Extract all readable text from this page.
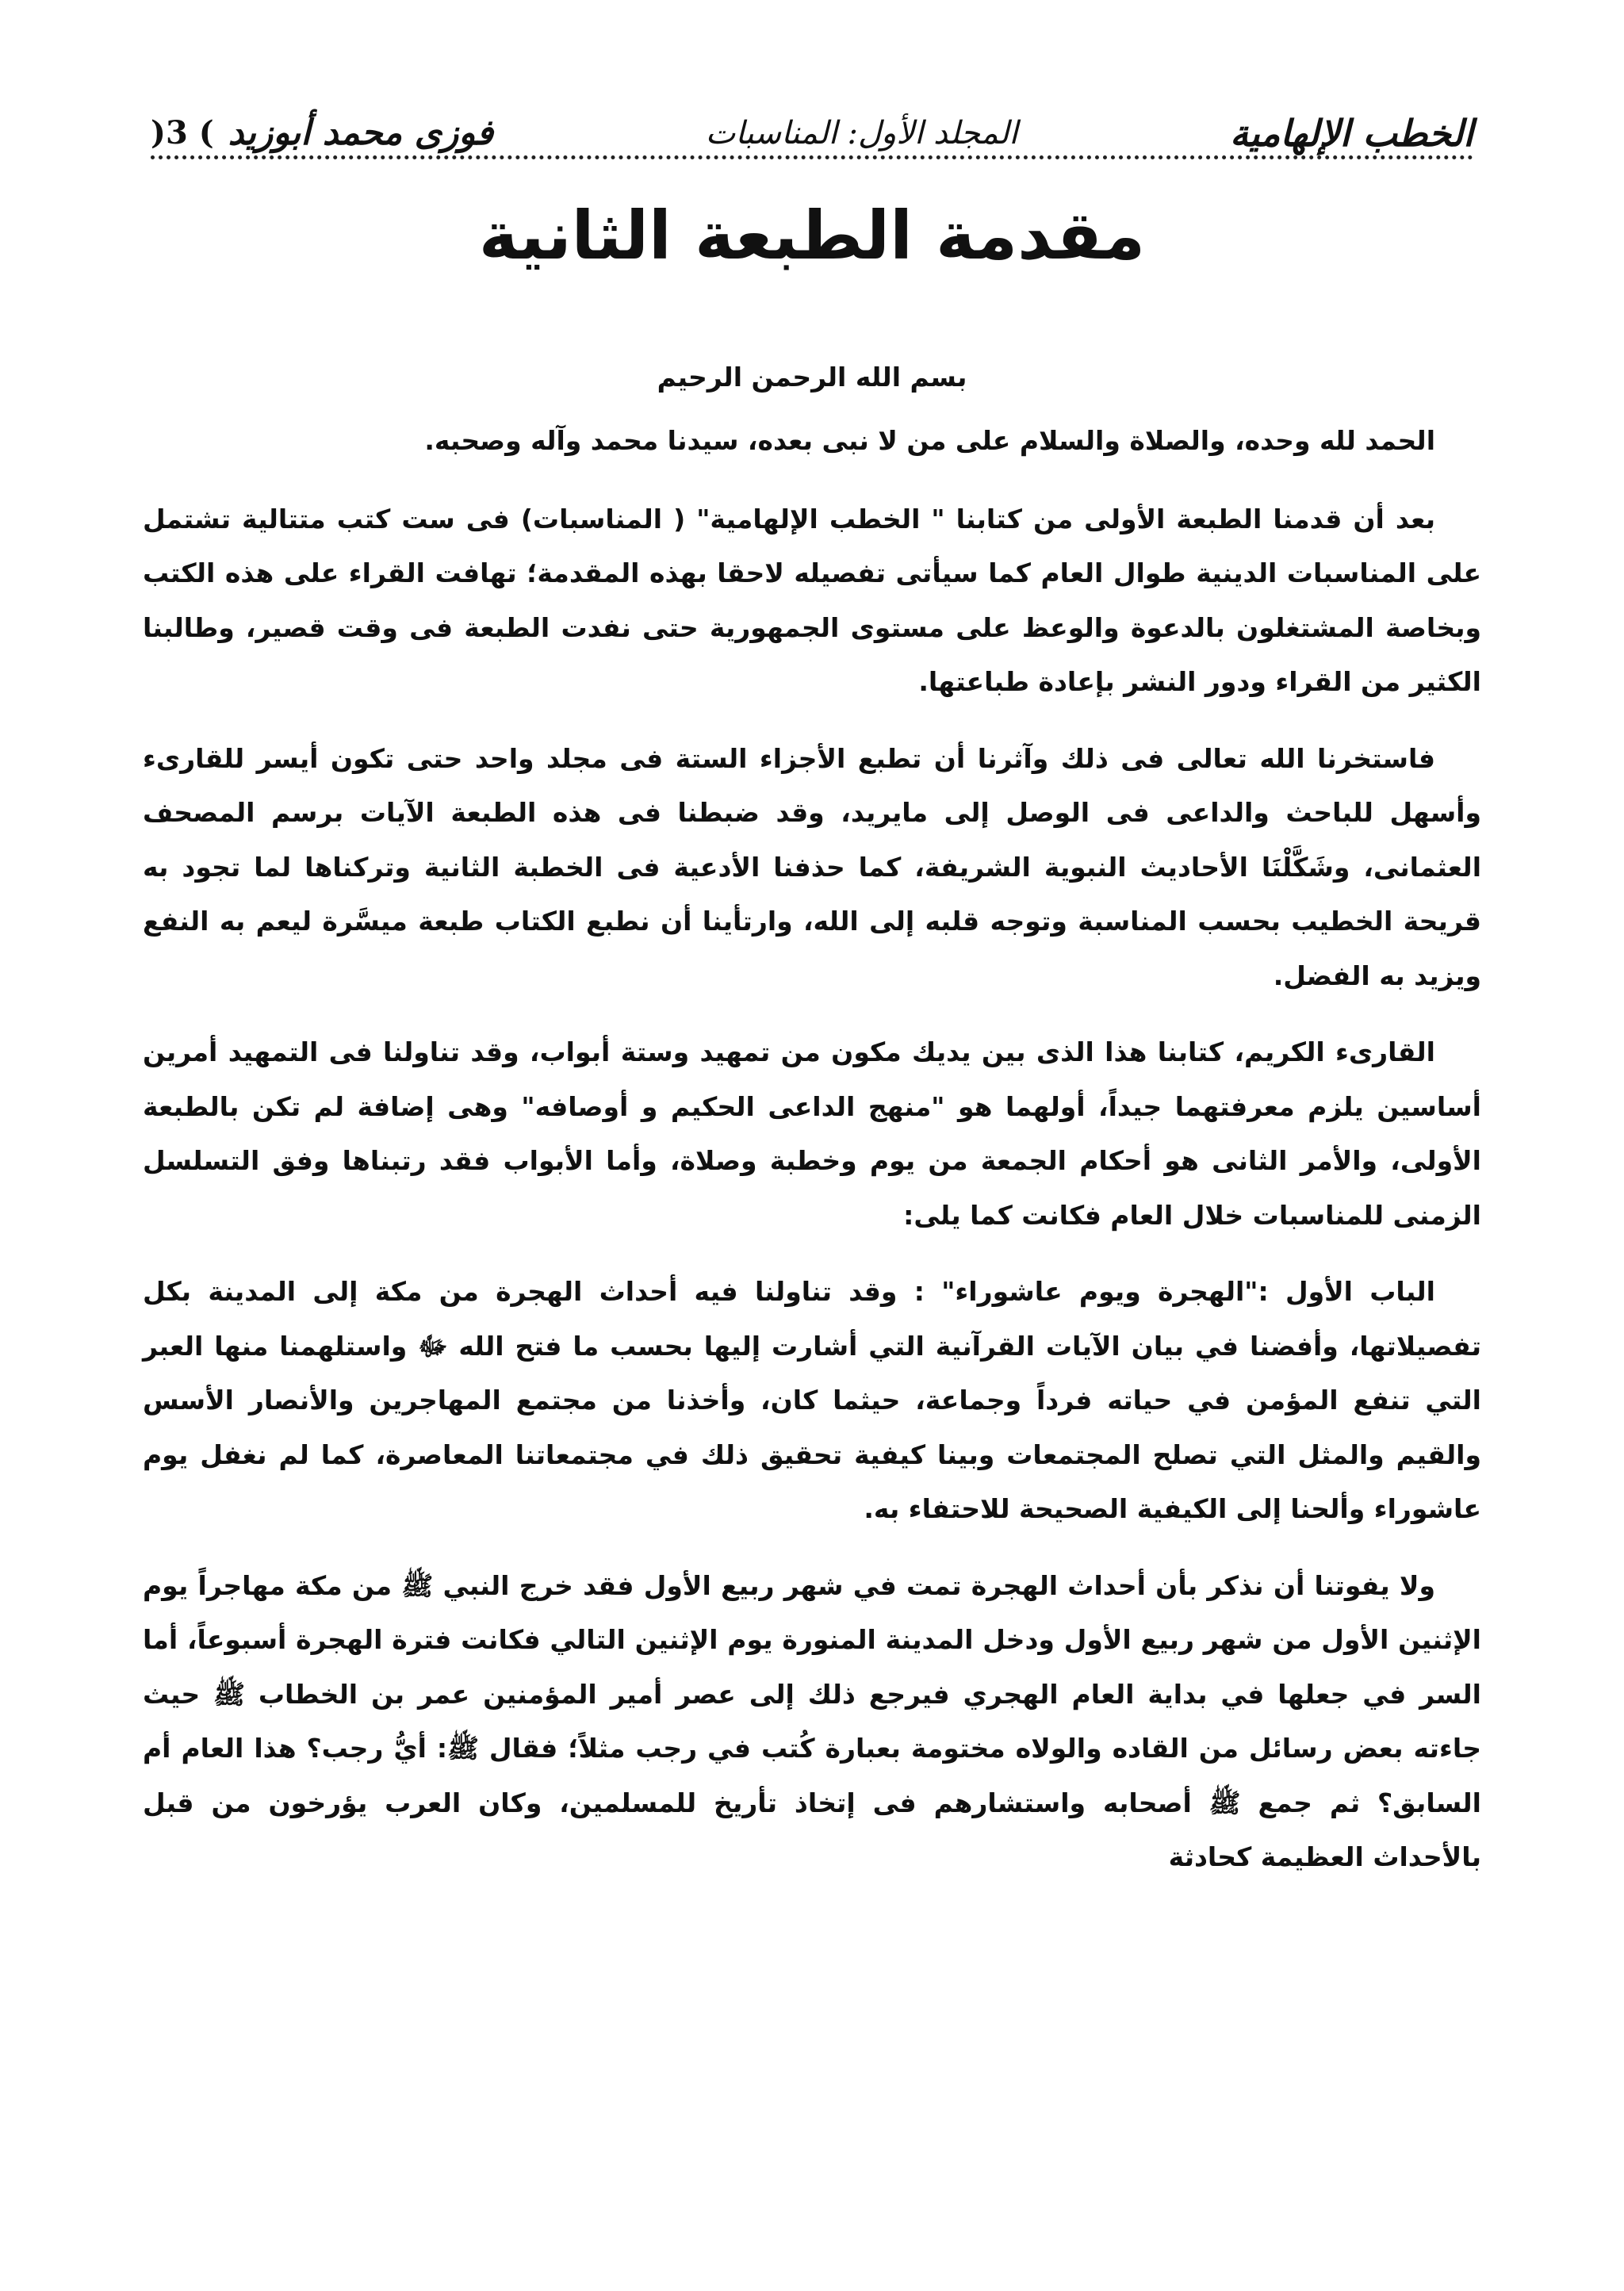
الخطب الإلهامية
المجلد الأول: المناسبات
فوزى محمد أبوزيد
) 3(
مقدمة الطبعة الثانية

بسم الله الرحمن الرحيم

الحمد لله وحده، والصلاة والسلام على من لا نبى بعده، سيدنا محمد وآله وصحبه.

بعد أن قدمنا الطبعة الأولى من كتابنا " الخطب الإلهامية" ( المناسبات) فى ست كتب متتالية تشتمل على المناسبات الدينية طوال العام كما سيأتى تفصيله لاحقا بهذه المقدمة؛ تهافت القراء على هذه الكتب وبخاصة المشتغلون بالدعوة والوعظ على مستوى الجمهورية حتى نفدت الطبعة فى وقت قصير، وطالبنا الكثير من القراء ودور النشر بإعادة طباعتها.

فاستخرنا الله تعالى فى ذلك وآثرنا أن تطبع الأجزاء الستة فى مجلد واحد حتى تكون أيسر للقارىء وأسهل للباحث والداعى فى الوصل إلى مايريد، وقد ضبطنا فى هذه الطبعة الآيات برسم المصحف العثمانى، وشَكَّلْنَا الأحاديث النبوية الشريفة، كما حذفنا الأدعية فى الخطبة الثانية وتركناها لما تجود به قريحة الخطيب بحسب المناسبة وتوجه قلبه إلى الله، وارتأينا أن نطبع الكتاب طبعة ميسَّرة ليعم به النفع ويزيد به الفضل.

القارىء الكريم، كتابنا هذا الذى بين يديك مكون من تمهيد وستة أبواب، وقد تناولنا فى التمهيد أمرين أساسين يلزم معرفتهما جيداً، أولهما هو "منهج الداعى الحكيم و أوصافه" وهى إضافة لم تكن بالطبعة الأولى، والأمر الثانى هو أحكام الجمعة من يوم وخطبة وصلاة، وأما الأبواب فقد رتبناها وفق التسلسل الزمنى للمناسبات خلال العام فكانت كما يلى:

الباب الأول :"الهجرة ويوم عاشوراء" : وقد تناولنا فيه أحداث الهجرة من مكة إلى المدينة بكل تفصيلاتها، وأفضنا في بيان الآيات القرآنية التي أشارت إليها بحسب ما فتح الله ﷻ واستلهمنا منها العبر التي تنفع المؤمن في حياته فرداً وجماعة، حيثما كان، وأخذنا من مجتمع المهاجرين والأنصار الأسس والقيم والمثل التي تصلح المجتمعات وبينا كيفية تحقيق ذلك في مجتمعاتنا المعاصرة، كما لم نغفل يوم عاشوراء وألحنا إلى الكيفية الصحيحة للاحتفاء به.

ولا يفوتنا أن نذكر بأن أحداث الهجرة تمت في شهر ربيع الأول فقد خرج النبي ﷺ من مكة مهاجراً يوم الإثنين الأول من شهر ربيع الأول ودخل المدينة المنورة يوم الإثنين التالي فكانت فترة الهجرة أسبوعاً، أما السر في جعلها في بداية العام الهجري فيرجع ذلك إلى عصر أمير المؤمنين عمر بن الخطاب ﷺ حيث جاءته بعض رسائل من القاده والولاه مختومة بعبارة كُتب في رجب مثلاً؛ فقال ﷺ: أيُّ رجب؟ هذا العام أم السابق؟ ثم جمع ﷺ أصحابه واستشارهم فى إتخاذ تأريخ للمسلمين، وكان العرب يؤرخون من قبل بالأحداث العظيمة كحادثة
